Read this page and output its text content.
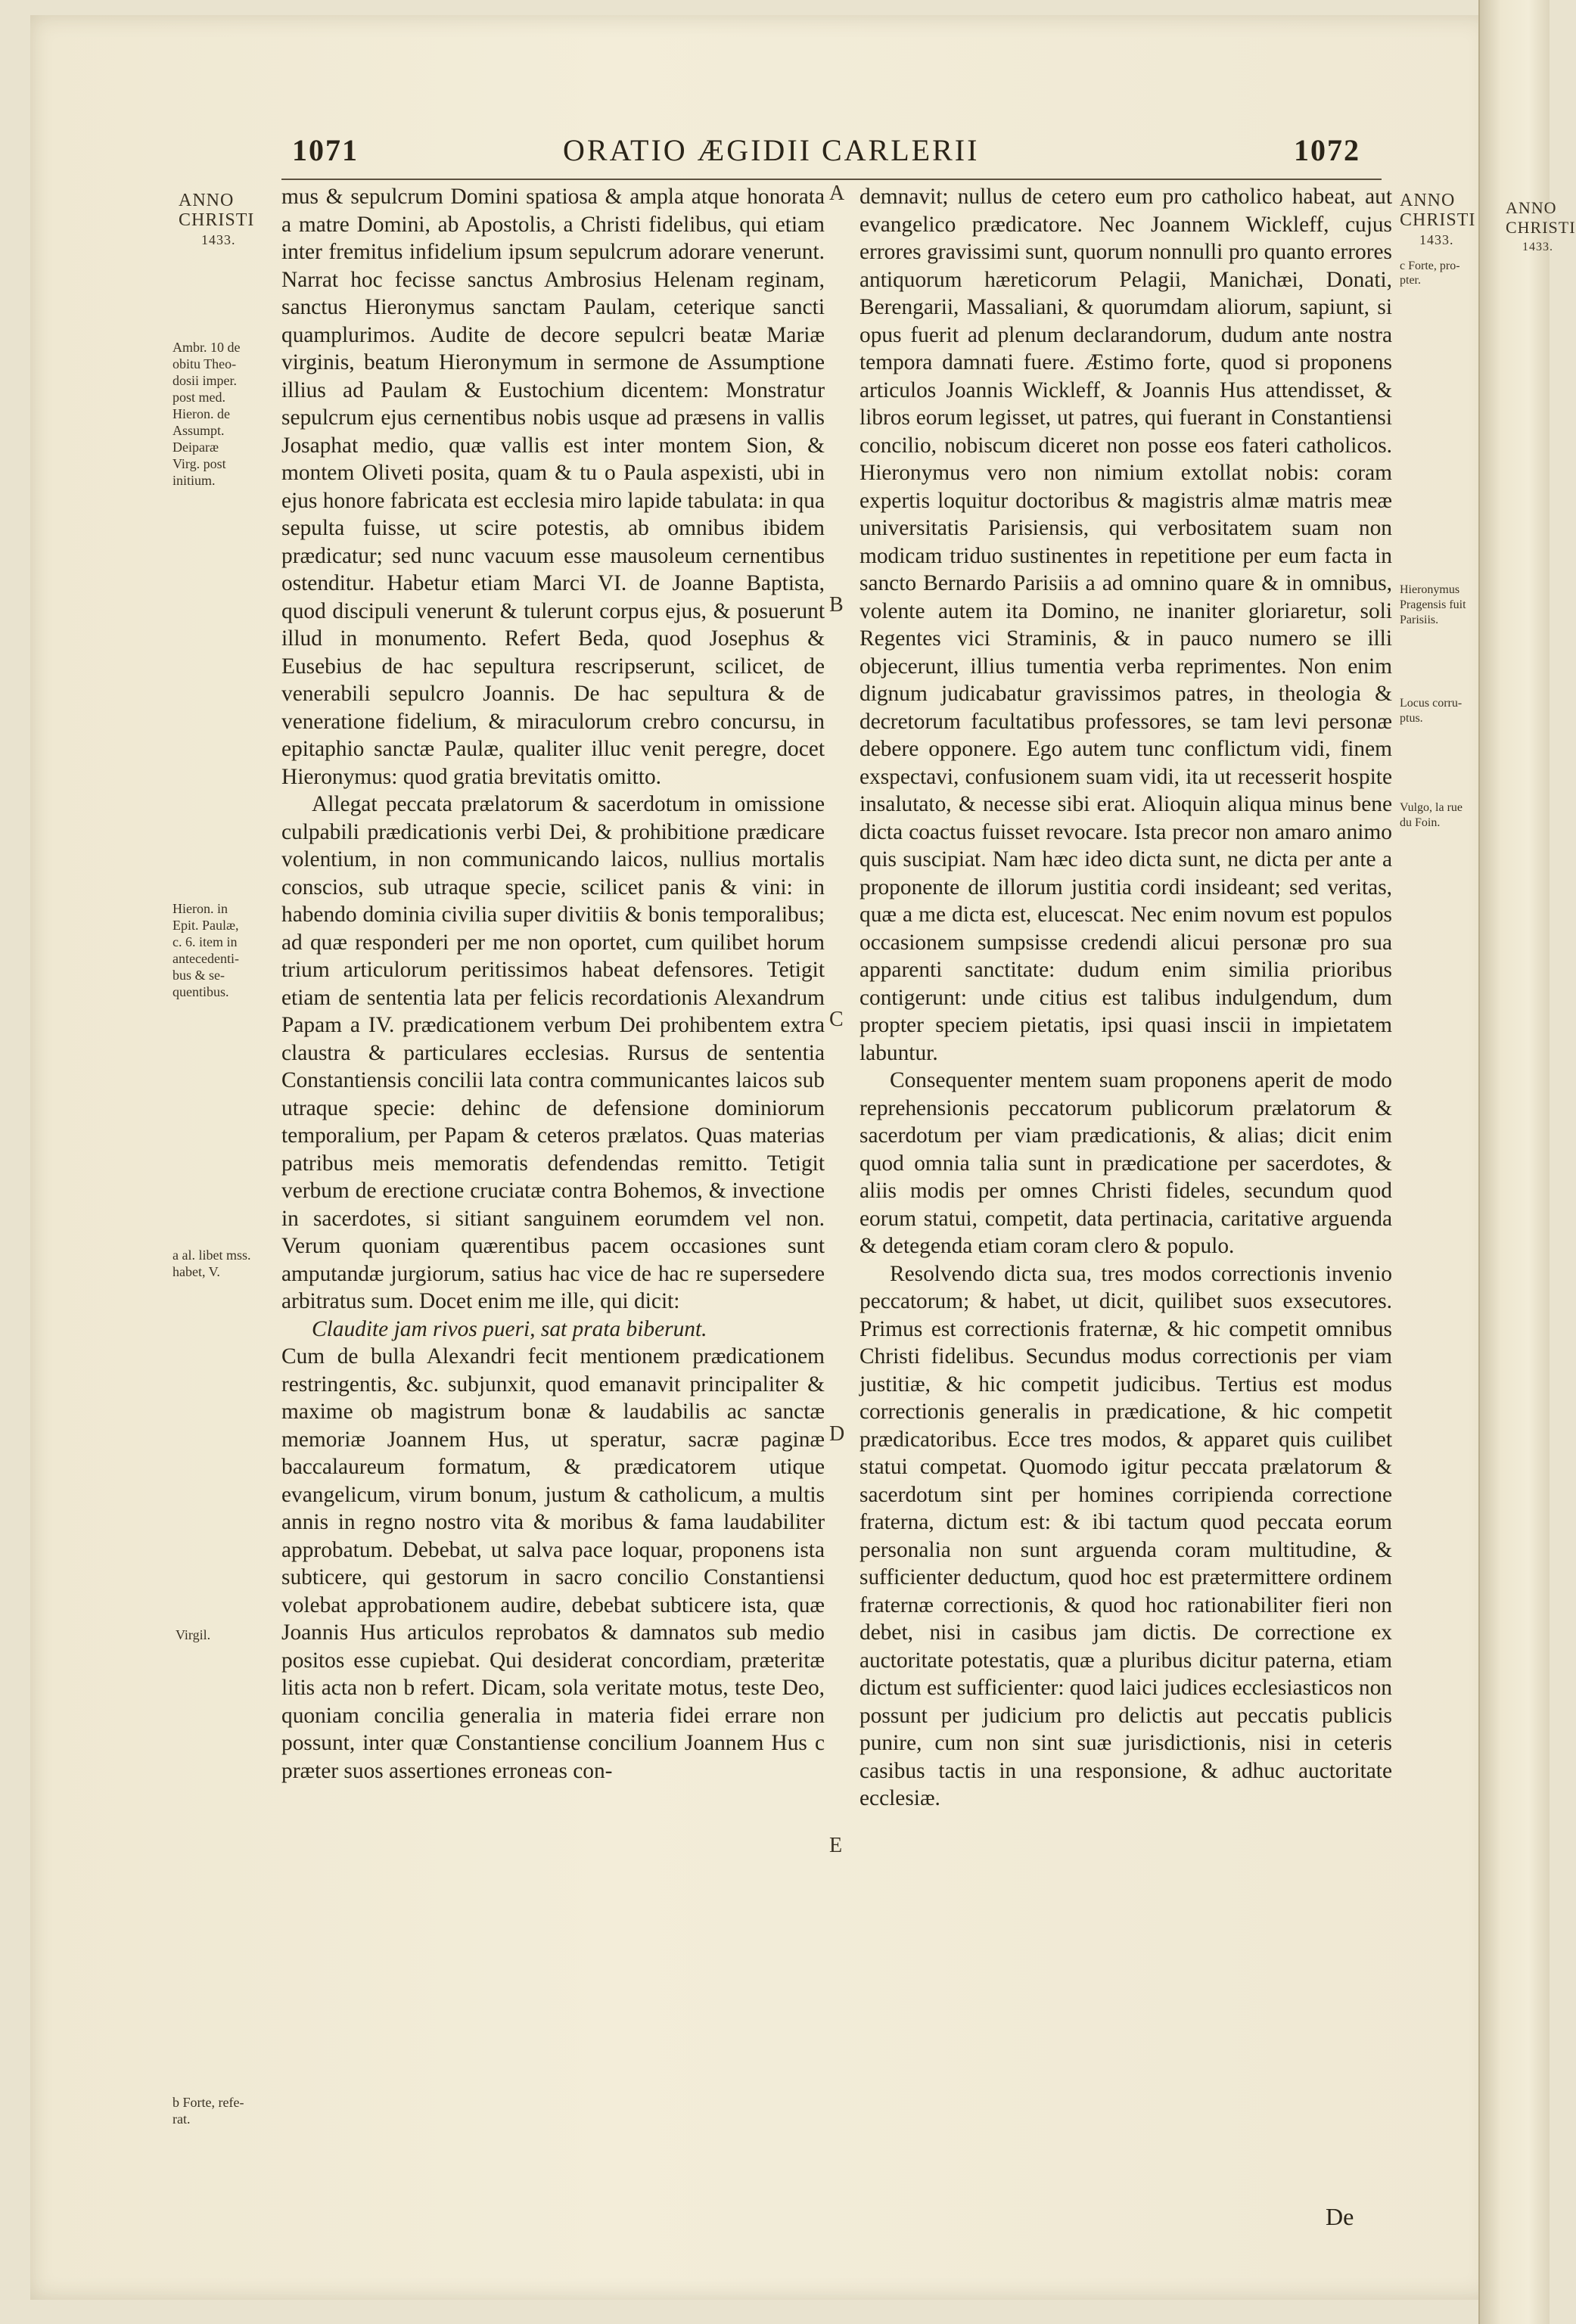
1071	ORATIO ÆGIDII CARLERII	1072
ANNO
CHRISTI
1433.
Ambr. 10 de
obitu Theo-
dosii imper.
post med.
Hieron. de
Assumpt.
Deiparæ
Virg. post
initium.
Hieron. in
Epit. Paulæ,
c. 6. item in
antecedenti-
bus & se-
quentibus.
a al. libet mss.
habet, V.
Virgil.
b Forte, refe-
rat.
A
B
C
D
E

mus & sepulcrum Domini spatiosa & ampla atque honorata a matre Domini, ab Apostolis, a Christi fidelibus, qui etiam inter fremitus infidelium ipsum sepulcrum adorare venerunt. Narrat hoc fecisse sanctus Ambrosius Helenam reginam, sanctus Hieronymus sanctam Paulam, ceterique sancti quamplurimos. Audite de decore sepulcri beatæ Mariæ virginis, beatum Hieronymum in sermone de Assumptione illius ad Paulam & Eustochium dicentem: Monstratur sepulcrum ejus cernentibus nobis usque ad præsens in vallis Josaphat medio, quæ vallis est inter montem Sion, & montem Oliveti posita, quam & tu o Paula aspexisti, ubi in ejus honore fabricata est ecclesia miro lapide tabulata: in qua sepulta fuisse, ut scire potestis, ab omnibus ibidem prædicatur; sed nunc vacuum esse mausoleum cernentibus ostenditur. Habetur etiam Marci VI. de Joanne Baptista, quod discipuli venerunt & tulerunt corpus ejus, & posuerunt illud in monumento. Refert Beda, quod Josephus & Eusebius de hac sepultura rescripserunt, scilicet, de venerabili sepulcro Joannis. De hac sepultura & de veneratione fidelium, & miraculorum crebro concursu, in epitaphio sanctæ Paulæ, qualiter illuc venit peregre, docet Hieronymus: quod gratia brevitatis omitto.

Allegat peccata prælatorum & sacerdotum in omissione culpabili prædicationis verbi Dei, & prohibitione prædicare volentium, in non communicando laicos, nullius mortalis conscios, sub utraque specie, scilicet panis & vini: in habendo dominia civilia super divitiis & bonis temporalibus; ad quæ responderi per me non oportet, cum quilibet horum trium articulorum peritissimos habeat defensores. Tetigit etiam de sententia lata per felicis recordationis Alexandrum Papam a IV. prædicationem verbum Dei prohibentem extra claustra & particulares ecclesias. Rursus de sententia Constantiensis concilii lata contra communicantes laicos sub utraque specie: dehinc de defensione dominiorum temporalium, per Papam & ceteros prælatos. Quas materias patribus meis memoratis defendendas remitto. Tetigit verbum de erectione cruciatæ contra Bohemos, & invectione in sacerdotes, si sitiant sanguinem eorumdem vel non. Verum quoniam quærentibus pacem occasiones sunt amputandæ jurgiorum, satius hac vice de hac re supersedere arbitratus sum. Docet enim me ille, qui dicit:

Claudite jam rivos pueri, sat prata biberunt.

Cum de bulla Alexandri fecit mentionem prædicationem restringentis, &c. subjunxit, quod emanavit principaliter & maxime ob magistrum bonæ & laudabilis ac sanctæ memoriæ Joannem Hus, ut speratur, sacræ paginæ baccalaureum formatum, & prædicatorem utique evangelicum, virum bonum, justum & catholicum, a multis annis in regno nostro vita & moribus & fama laudabiliter approbatum. Debebat, ut salva pace loquar, proponens ista subticere, qui gestorum in sacro concilio Constantiensi volebat approbationem audire, debebat subticere ista, quæ Joannis Hus articulos reprobatos & damnatos sub medio positos esse cupiebat. Qui desiderat concordiam, præteritæ litis acta non b refert. Dicam, sola veritate motus, teste Deo, quoniam concilia generalia in materia fidei errare non possunt, inter quæ Constantiense concilium Joannem Hus c præter suos assertiones erroneas con-

demnavit; nullus de cetero eum pro catholico habeat, aut evangelico prædicatore. Nec Joannem Wickleff, cujus errores gravissimi sunt, quorum nonnulli pro quanto errores antiquorum hæreticorum Pelagii, Manichæi, Donati, Berengarii, Massaliani, & quorumdam aliorum, sapiunt, si opus fuerit ad plenum declarandorum, dudum ante nostra tempora damnati fuere. Æstimo forte, quod si proponens articulos Joannis Wickleff, & Joannis Hus attendisset, & libros eorum legisset, ut patres, qui fuerant in Constantiensi concilio, nobiscum diceret non posse eos fateri catholicos. Hieronymus vero non nimium extollat nobis: coram expertis loquitur doctoribus & magistris almæ matris meæ universitatis Parisiensis, qui verbositatem suam non modicam triduo sustinentes in repetitione per eum facta in sancto Bernardo Parisiis a ad omnino quare & in omnibus, volente autem ita Domino, ne inaniter gloriaretur, soli Regentes vici Straminis, & in pauco numero se illi objecerunt, illius tumentia verba reprimentes. Non enim dignum judicabatur gravissimos patres, in theologia & decretorum facultatibus professores, se tam levi personæ debere opponere. Ego autem tunc conflictum vidi, finem exspectavi, confusionem suam vidi, ita ut recesserit hospite insalutato, & necesse sibi erat. Alioquin aliqua minus bene dicta coactus fuisset revocare. Ista precor non amaro animo quis suscipiat. Nam hæc ideo dicta sunt, ne dicta per ante a proponente de illorum justitia cordi insideant; sed veritas, quæ a me dicta est, elucescat. Nec enim novum est populos occasionem sumpsisse credendi alicui personæ pro sua apparenti sanctitate: dudum enim similia prioribus contigerunt: unde citius est talibus indulgendum, dum propter speciem pietatis, ipsi quasi inscii in impietatem labuntur.

Consequenter mentem suam proponens aperit de modo reprehensionis peccatorum publicorum prælatorum & sacerdotum per viam prædicationis, & alias; dicit enim quod omnia talia sunt in prædicatione per sacerdotes, & aliis modis per omnes Christi fideles, secundum quod eorum statui, competit, data pertinacia, caritative arguenda & detegenda etiam coram clero & populo.

Resolvendo dicta sua, tres modos correctionis invenio peccatorum; & habet, ut dicit, quilibet suos exsecutores. Primus est correctionis fraternæ, & hic competit omnibus Christi fidelibus. Secundus modus correctionis per viam justitiæ, & hic competit judicibus. Tertius est modus correctionis generalis in prædicatione, & hic competit prædicatoribus. Ecce tres modos, & apparet quis cuilibet statui competat. Quomodo igitur peccata prælatorum & sacerdotum sint per homines corripienda correctione fraterna, dictum est: & ibi tactum quod peccata eorum personalia non sunt arguenda coram multitudine, & sufficienter deductum, quod hoc est prætermittere ordinem fraternæ correctionis, & quod hoc rationabiliter fieri non debet, nisi in casibus jam dictis. De correctione ex auctoritate potestatis, quæ a pluribus dicitur paterna, etiam dictum est sufficienter: quod laici judices ecclesiasticos non possunt per judicium pro delictis aut peccatis publicis punire, cum non sint suæ jurisdictionis, nisi in ceteris casibus tactis in una responsione, & adhuc auctoritate ecclesiæ.

ANNO
CHRISTI
1433.
c Forte, pro-
pter.
Hieronymus
Pragensis fuit
Parisiis.
Locus corru-
ptus.
Vulgo, la rue
du Foin.
ANNO
CHRISTI
1433.
De
